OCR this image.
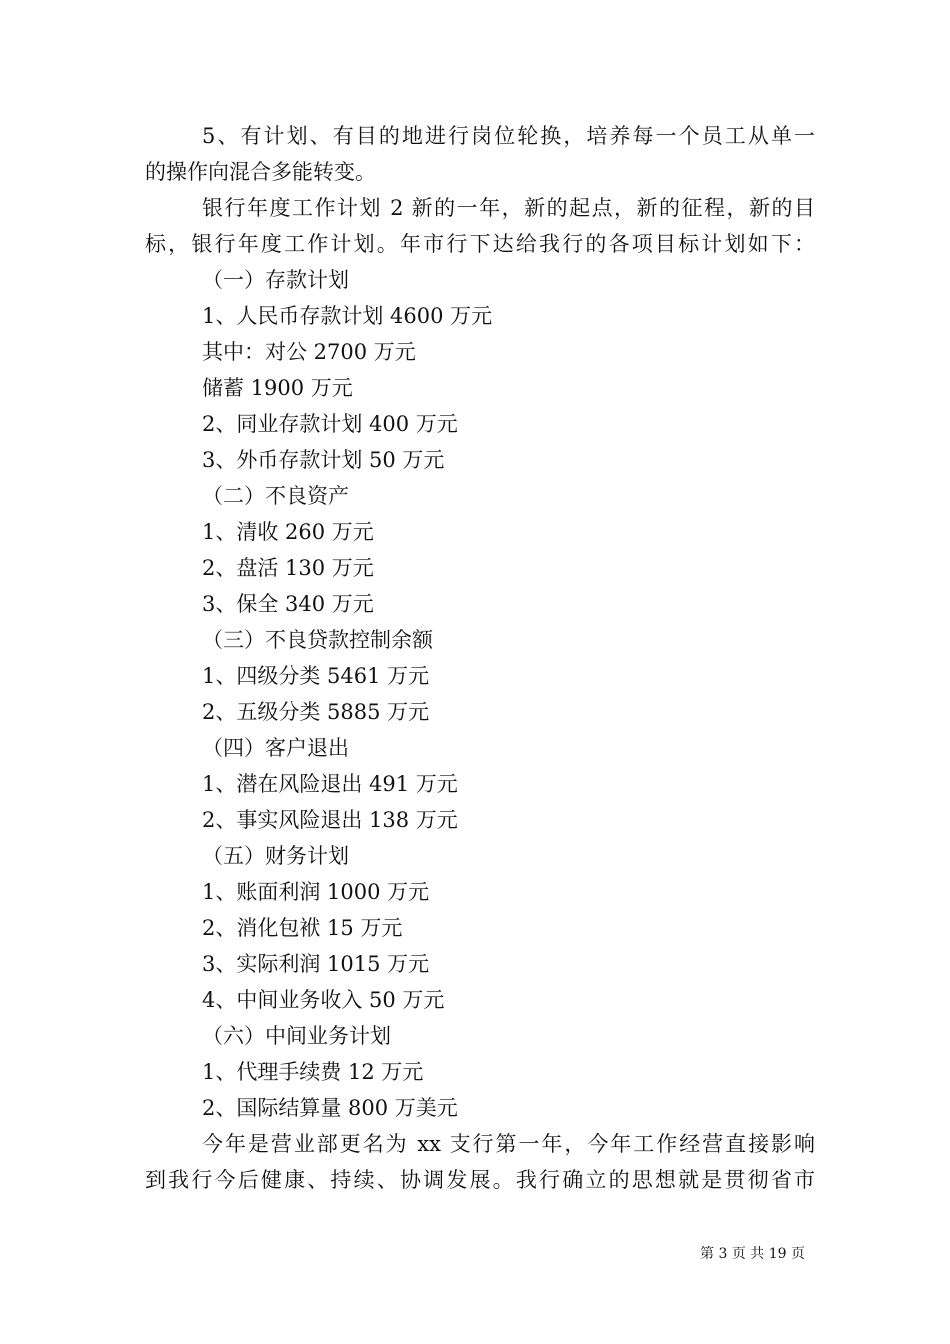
5、有计划、有目的地进行岗位轮换，培养每一个员工从单一
的操作向混合多能转变。
银行年度工作计划 2 新的一年，新的起点，新的征程，新的目
标，银行年度工作计划。年市行下达给我行的各项目标计划如下：
（一）存款计划
1、人民币存款计划 4600 万元
其中：对公 2700 万元
储蓄 1900 万元
2、同业存款计划 400 万元
3、外币存款计划 50 万元
（二）不良资产
1、清收 260 万元
2、盘活 130 万元
3、保全 340 万元
（三）不良贷款控制余额
1、四级分类 5461 万元
2、五级分类 5885 万元
（四）客户退出
1、潜在风险退出 491 万元
2、事实风险退出 138 万元
（五）财务计划
1、账面利润 1000 万元
2、消化包袱 15 万元
3、实际利润 1015 万元
4、中间业务收入 50 万元
（六）中间业务计划
1、代理手续费 12 万元
2、国际结算量 800 万美元
今年是营业部更名为 xx 支行第一年，今年工作经营直接影响
到我行今后健康、持续、协调发展。我行确立的思想就是贯彻省市
第 3 页 共 19 页
